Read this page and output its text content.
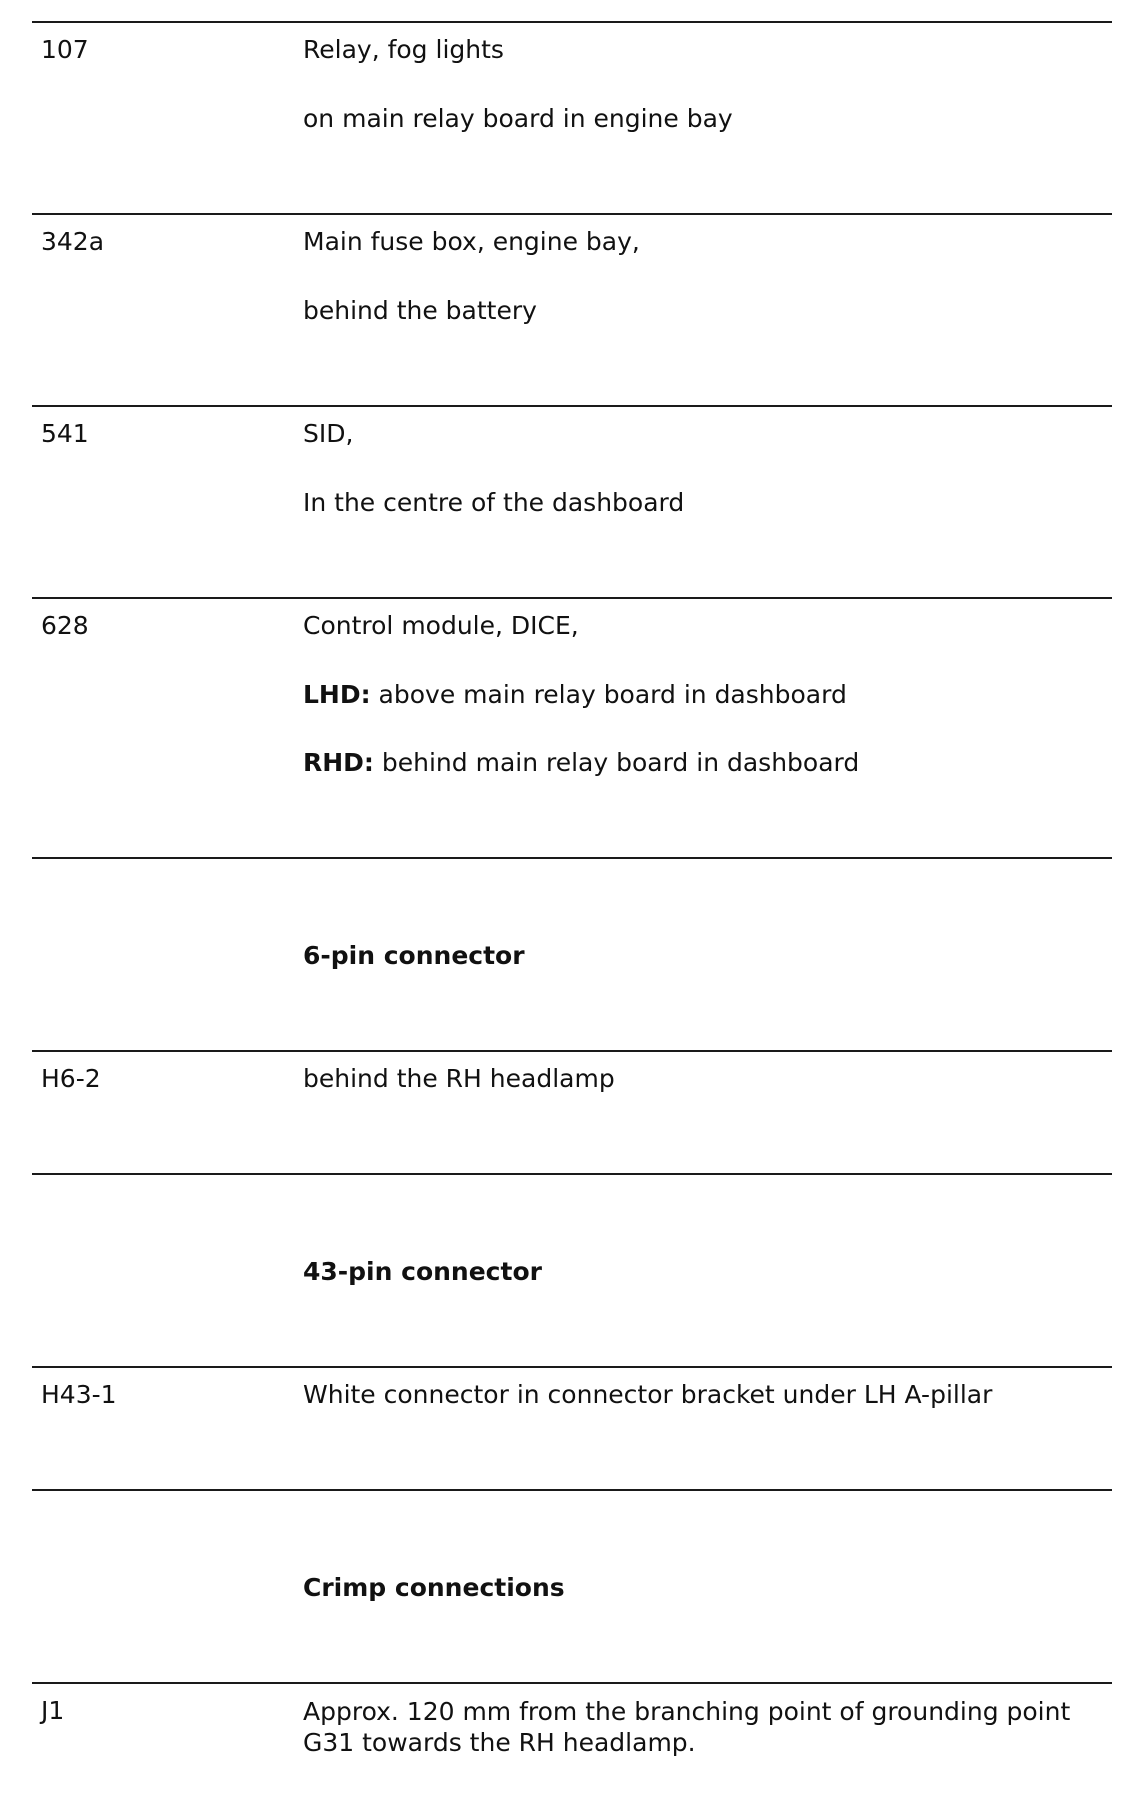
107	Relay, fog lights
on main relay board in engine bay
342a	Main fuse box, engine bay,
behind the battery
541	SID,
In the centre of the dashboard
628	Control module, DICE,
LHD: above main relay board in dashboard
RHD: behind main relay board in dashboard
6-pin connector
H6-2	behind the RH headlamp
43-pin connector
H43-1	White connector in connector bracket under LH A-pillar
Crimp connections
J1	Approx. 120 mm from the branching point of grounding point G31 towards the RH headlamp.
